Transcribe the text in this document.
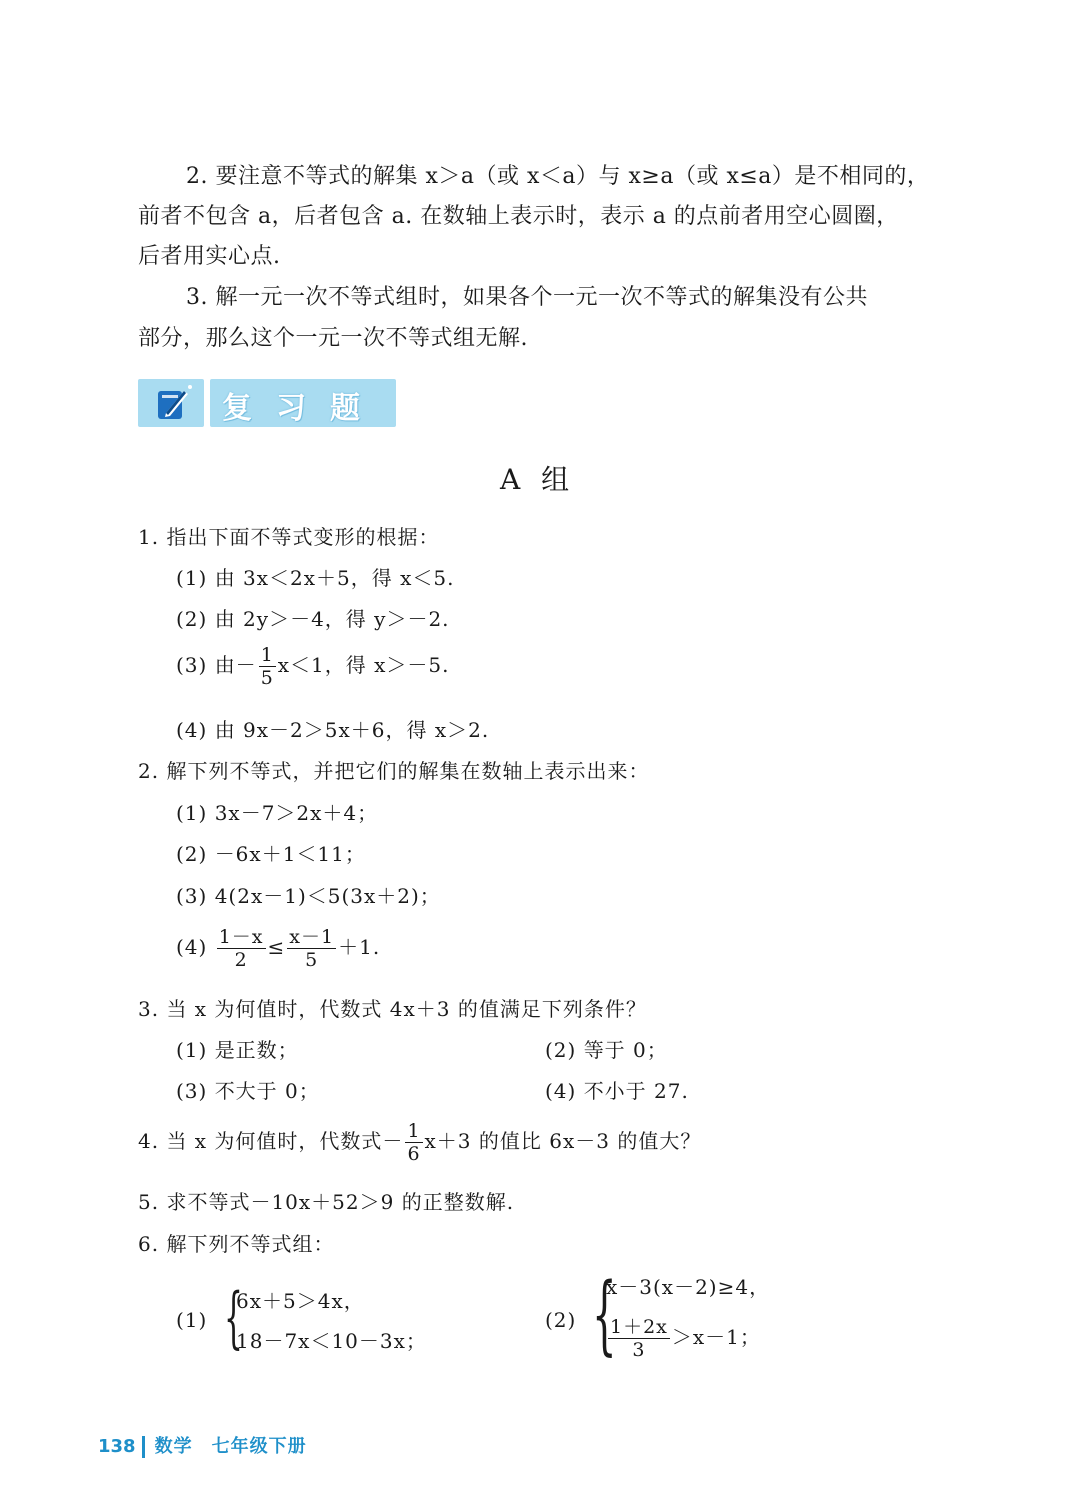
2. 要注意不等式的解集 x＞a（或 x＜a）与 x≥a（或 x≤a）是不相同的，
前者不包含 a，后者包含 a. 在数轴上表示时，表示 a 的点前者用空心圆圈，
后者用实心点.
3. 解一元一次不等式组时，如果各个一元一次不等式的解集没有公共
部分，那么这个一元一次不等式组无解.
复习题
A 组
1. 指出下面不等式变形的根据：
(1) 由 3x＜2x＋5，得 x＜5.
(2) 由 2y＞－4，得 y＞－2.
(3) 由－ $\frac{1}{5} x<1$，得 x＞－5.
(4) 由 9x－2＞5x＋6，得 x＞2.
2. 解下列不等式，并把它们的解集在数轴上表示出来：
(1) 3x－7＞2x＋4；
(2) －6x＋1＜11；
(3) 4(2x－1)＜5(3x＋2)；
$(4) \frac{1-x}{2} \le \frac{x-1}{5} +1$.
3. 当 x 为何值时，代数式 4x＋3 的值满足下列条件？
(1) 是正数；	(2) 等于 0；
(3) 不大于 0；	(4) 不小于 27.
4. 当 x 为何值时，代数式－ $\frac{1}{6} x+3$ 的值比 6x－3 的值大？
5. 求不等式－10x＋52＞9 的正整数解.
6. 解下列不等式组：
(1) {
6x＋5＞4x，
18－7x＜10－3x；
(2) {
x－3(x－2)≥4，
$\frac{1+2x}{3} >x-1$；
138 数学　七年级下册
